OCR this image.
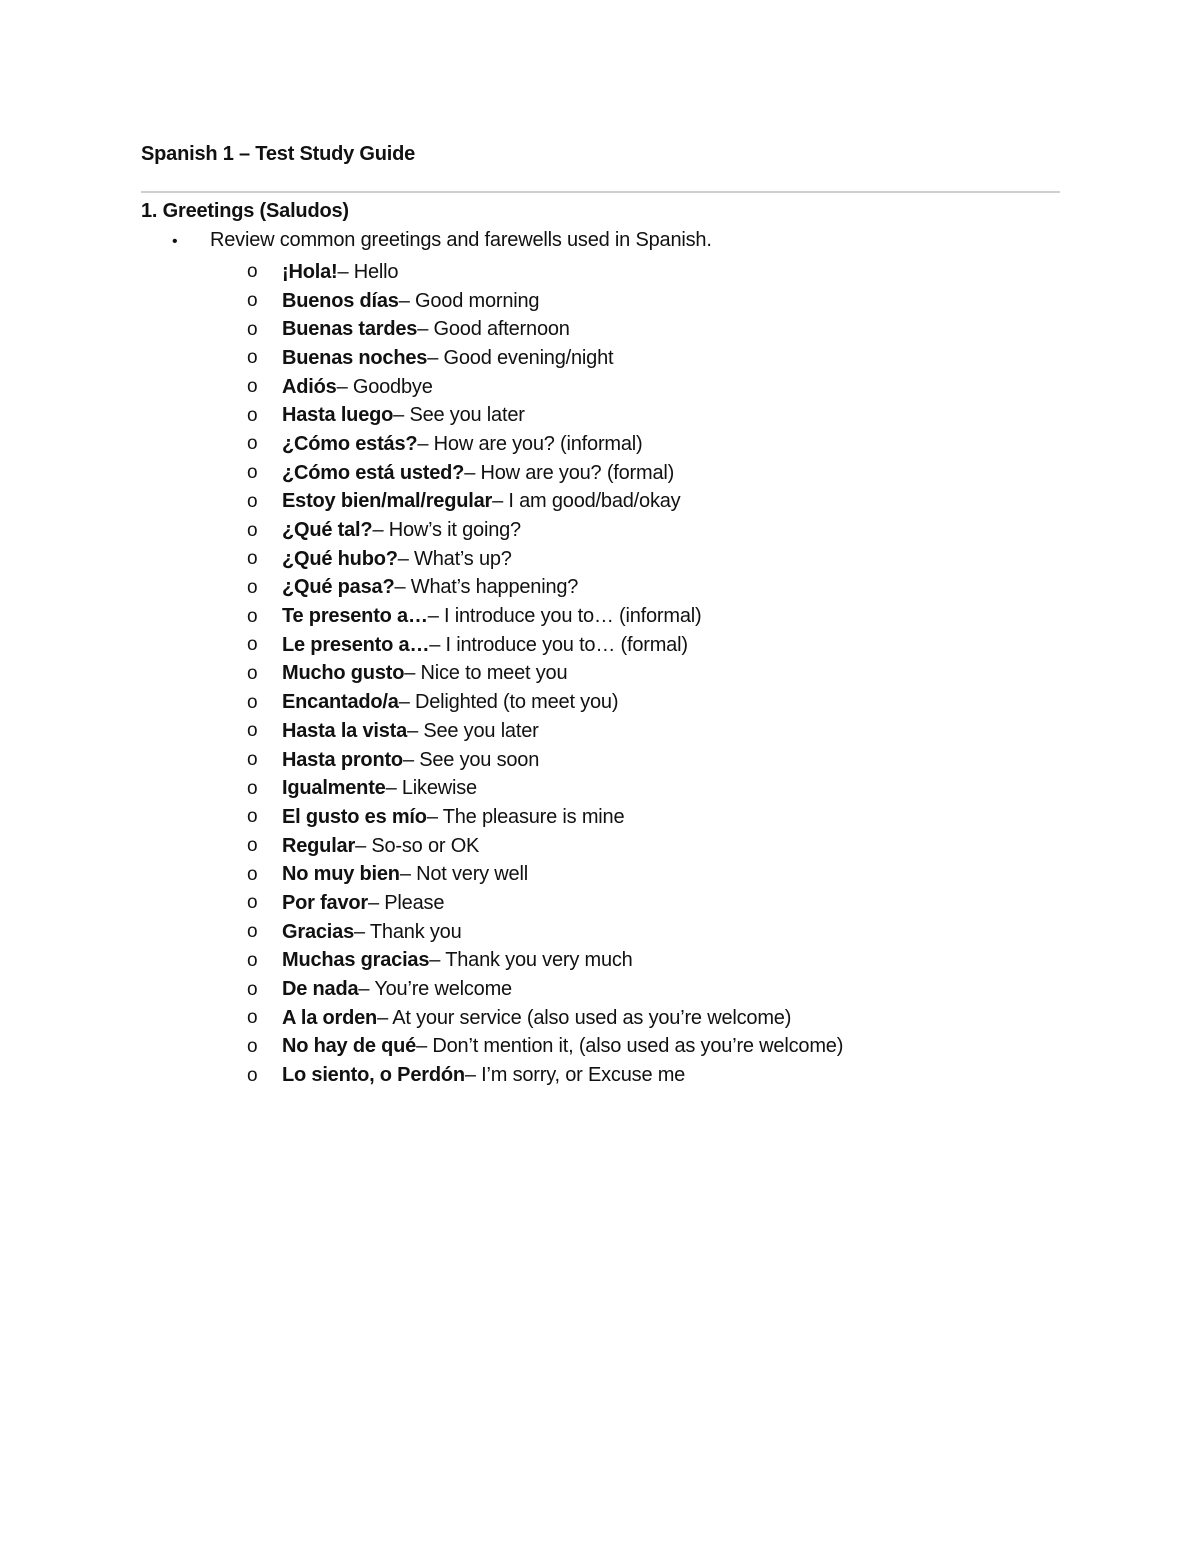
Spanish 1 – Test Study Guide
1. Greetings (Saludos)
•	Review common greetings and farewells used in Spanish.
o	¡Hola! – Hello
o	Buenos días – Good morning
o	Buenas tardes – Good afternoon
o	Buenas noches – Good evening/night
o	Adiós – Goodbye
o	Hasta luego – See you later
o	¿Cómo estás? – How are you? (informal)
o	¿Cómo está usted? – How are you? (formal)
o	Estoy bien/mal/regular – I am good/bad/okay
o	¿Qué tal? – How’s it going?
o	¿Qué hubo? – What’s up?
o	¿Qué pasa? – What’s happening?
o	Te presento a… – I introduce you to… (informal)
o	Le presento a… – I introduce you to… (formal)
o	Mucho gusto – Nice to meet you
o	Encantado/a – Delighted (to meet you)
o	Hasta la vista – See you later
o	Hasta pronto – See you soon
o	Igualmente – Likewise
o	El gusto es mío – The pleasure is mine
o	Regular – So-so or OK
o	No muy bien – Not very well
o	Por favor – Please
o	Gracias – Thank you
o	Muchas gracias – Thank you very much
o	De nada – You’re welcome
o	A la orden – At your service (also used as you’re welcome)
o	No hay de qué – Don’t mention it, (also used as you’re welcome)
o	Lo siento, o Perdón – I’m sorry, or Excuse me
